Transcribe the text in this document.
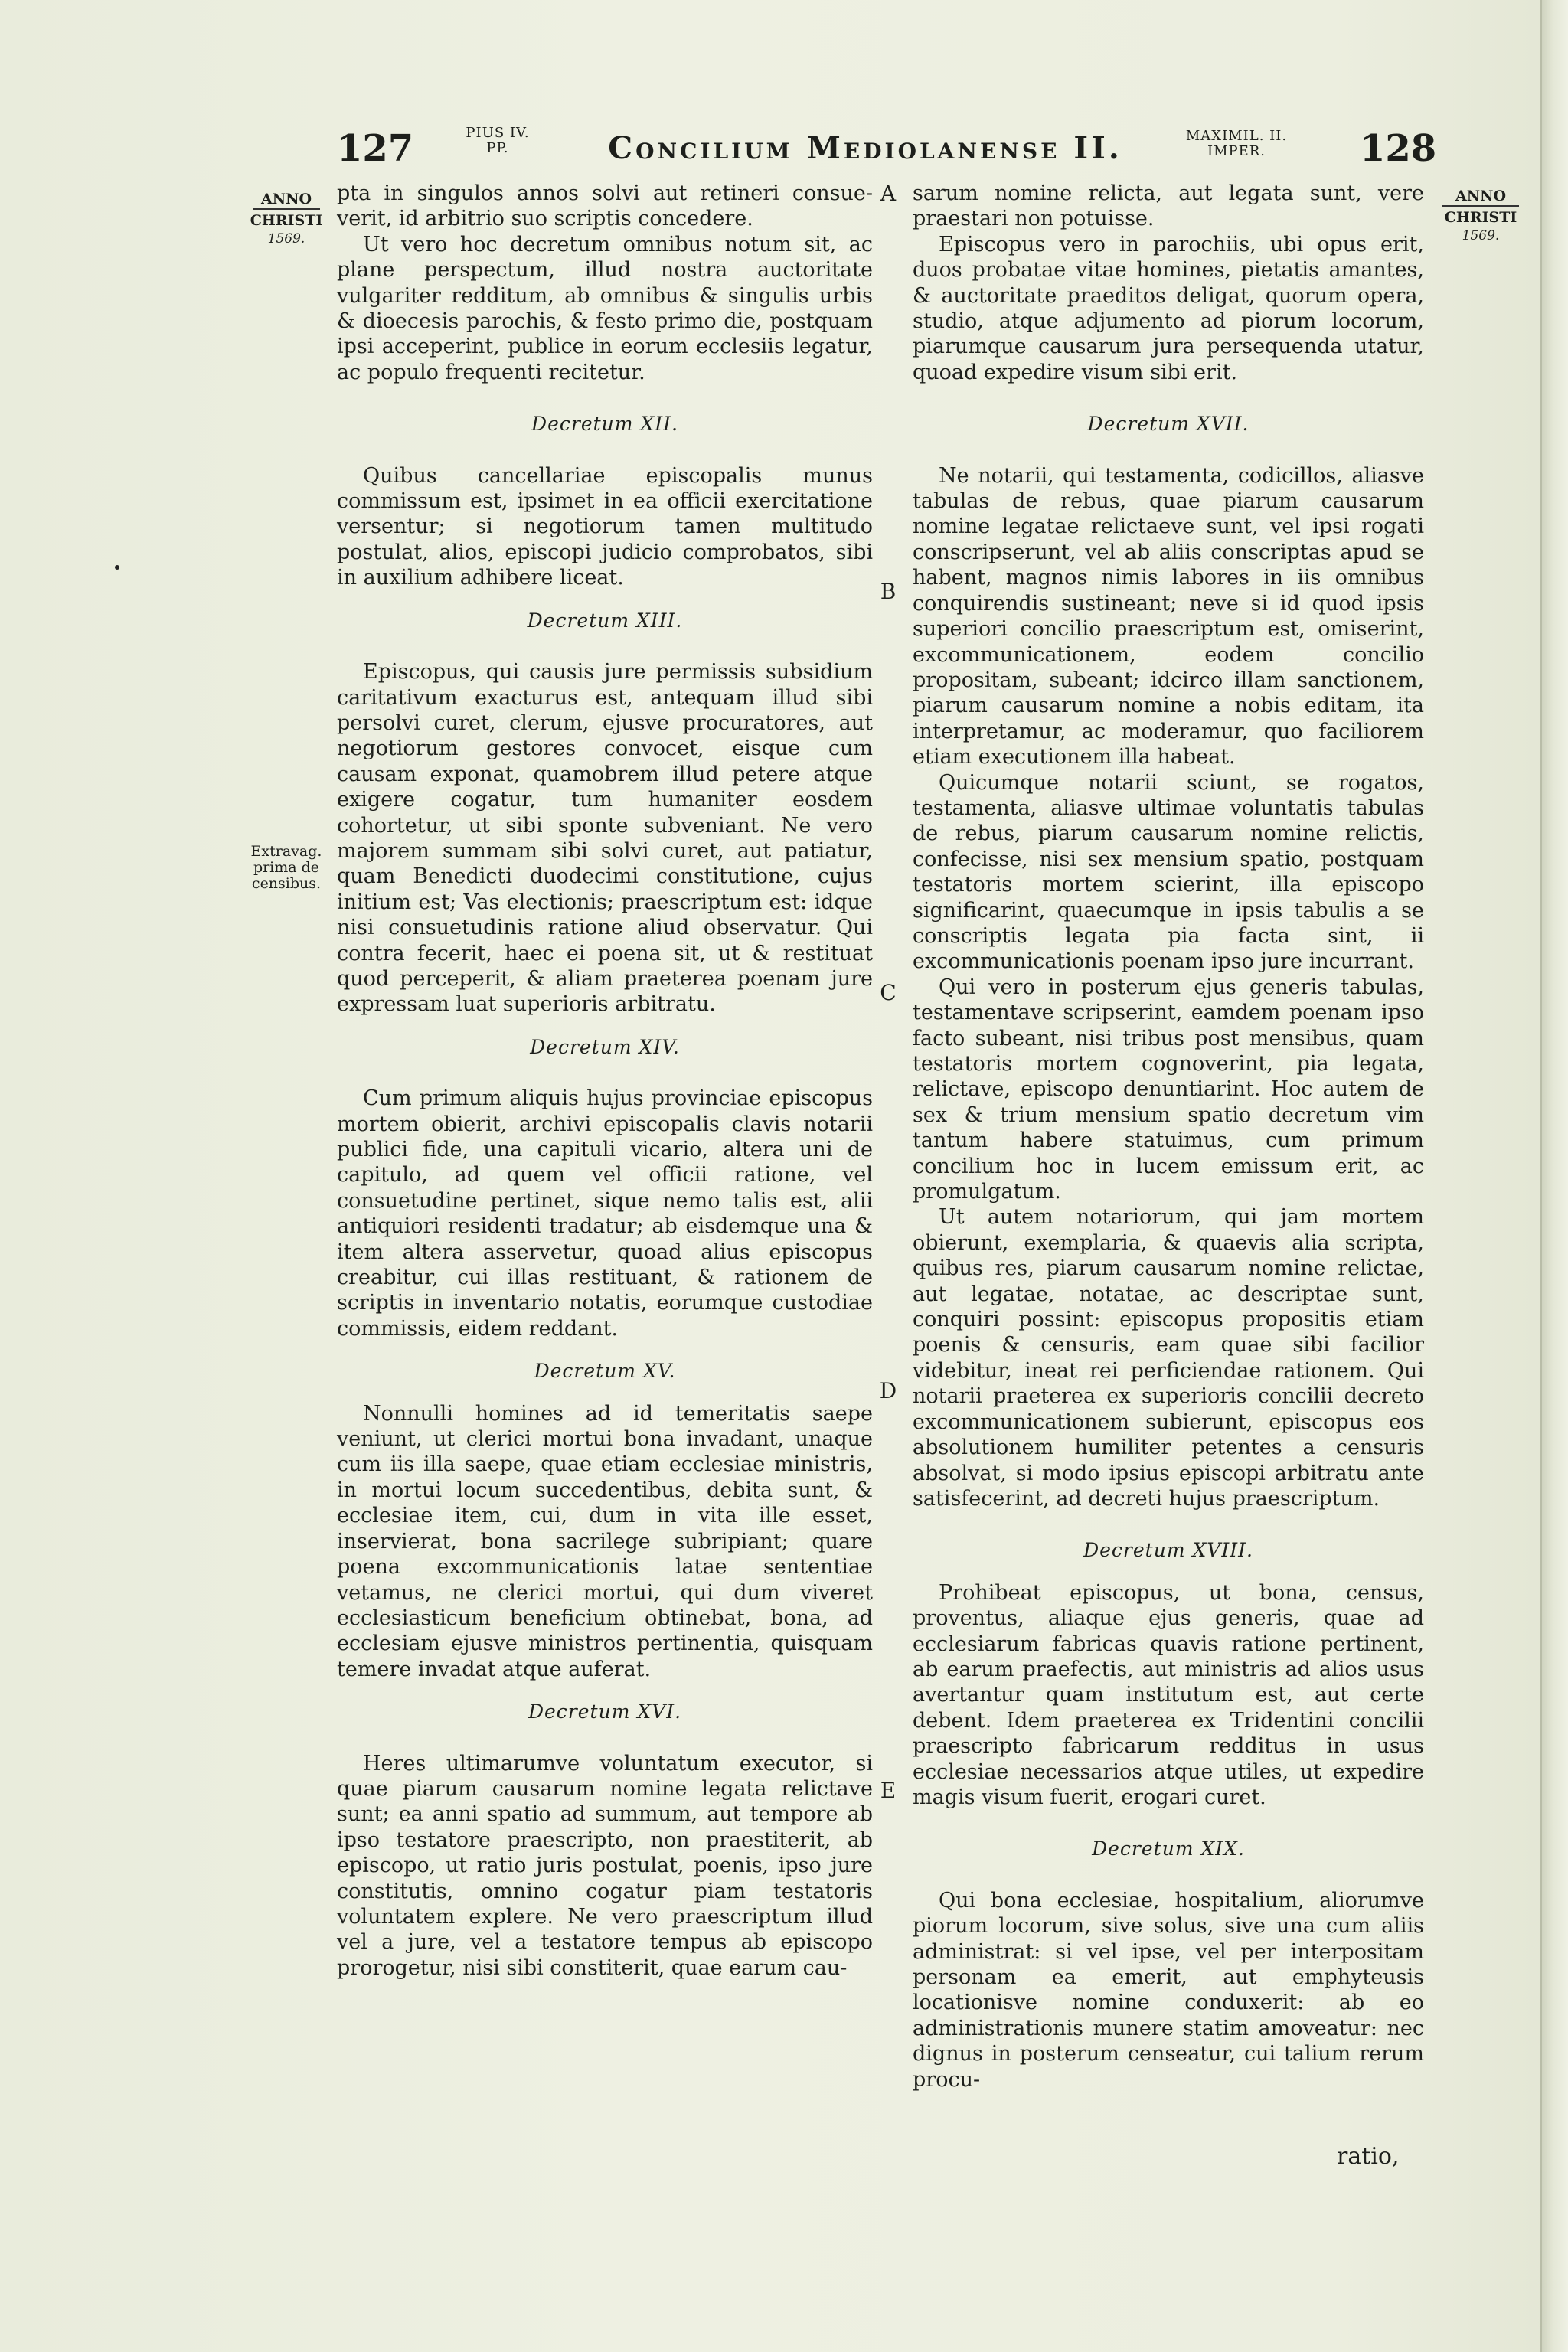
127	PIUS IV.
PP.	Concilium Mediolanense II.	MAXIMIL. II.
IMPER.	128
ANNO
CHRISTI
1569.
ANNO
CHRISTI
1569.
Extravag.
prima de
censibus.
A
B
C
D
E

pta in singulos annos solvi aut retineri consue- verit, id arbitrio suo scriptis concedere.

Ut vero hoc decretum omnibus notum sit, ac plane perspectum, illud nostra auctoritate vulgariter redditum, ab omnibus & singulis urbis & dioecesis parochis, & festo primo die, postquam ipsi acceperint, publice in eorum ecclesiis legatur, ac populo frequenti recitetur.

Decretum XII.

Quibus cancellariae episcopalis munus commissum est, ipsimet in ea officii exercitatione versentur; si negotiorum tamen multitudo postulat, alios, episcopi judicio comprobatos, sibi in auxilium adhibere liceat.

Decretum XIII.

Episcopus, qui causis jure permissis subsidium caritativum exacturus est, antequam illud sibi persolvi curet, clerum, ejusve procuratores, aut negotiorum gestores convocet, eisque cum causam exponat, quamobrem illud petere atque exigere cogatur, tum humaniter eosdem cohortetur, ut sibi sponte subveniant. Ne vero majorem summam sibi solvi curet, aut patiatur, quam Benedicti duodecimi constitutione, cujus initium est; Vas electionis; praescriptum est: idque nisi consuetudinis ratione aliud observatur. Qui contra fecerit, haec ei poena sit, ut & restituat quod perceperit, & aliam praeterea poenam jure expressam luat superioris arbitratu.

Decretum XIV.

Cum primum aliquis hujus provinciae episcopus mortem obierit, archivi episcopalis clavis notarii publici fide, una capituli vicario, altera uni de capitulo, ad quem vel officii ratione, vel consuetudine pertinet, sique nemo talis est, alii antiquiori residenti tradatur; ab eisdemque una & item altera asservetur, quoad alius episcopus creabitur, cui illas restituant, & rationem de scriptis in inventario notatis, eorumque custodiae commissis, eidem reddant.

Decretum XV.

Nonnulli homines ad id temeritatis saepe veniunt, ut clerici mortui bona invadant, unaque cum iis illa saepe, quae etiam ecclesiae ministris, in mortui locum succedentibus, debita sunt, & ecclesiae item, cui, dum in vita ille esset, inservierat, bona sacrilege subripiant; quare poena excommunicationis latae sententiae vetamus, ne clerici mortui, qui dum viveret ecclesiasticum beneficium obtinebat, bona, ad ecclesiam ejusve ministros pertinentia, quisquam temere invadat atque auferat.

Decretum XVI.

Heres ultimarumve voluntatum executor, si quae piarum causarum nomine legata relictave sunt; ea anni spatio ad summum, aut tempore ab ipso testatore praescripto, non praestiterit, ab episcopo, ut ratio juris postulat, poenis, ipso jure constitutis, omnino cogatur piam testatoris voluntatem explere. Ne vero praescriptum illud vel a jure, vel a testatore tempus ab episcopo prorogetur, nisi sibi constiterit, quae earum cau-

sarum nomine relicta, aut legata sunt, vere praestari non potuisse.

Episcopus vero in parochiis, ubi opus erit, duos probatae vitae homines, pietatis amantes, & auctoritate praeditos deligat, quorum opera, studio, atque adjumento ad piorum locorum, piarumque causarum jura persequenda utatur, quoad expedire visum sibi erit.

Decretum XVII.

Ne notarii, qui testamenta, codicillos, aliasve tabulas de rebus, quae piarum causarum nomine legatae relictaeve sunt, vel ipsi rogati conscripserunt, vel ab aliis conscriptas apud se habent, magnos nimis labores in iis omnibus conquirendis sustineant; neve si id quod ipsis superiori concilio praescriptum est, omiserint, excommunicationem, eodem concilio propositam, subeant; idcirco illam sanctionem, piarum causarum nomine a nobis editam, ita interpretamur, ac moderamur, quo faciliorem etiam executionem illa habeat.

Quicumque notarii sciunt, se rogatos, testamenta, aliasve ultimae voluntatis tabulas de rebus, piarum causarum nomine relictis, confecisse, nisi sex mensium spatio, postquam testatoris mortem scierint, illa episcopo significarint, quaecumque in ipsis tabulis a se conscriptis legata pia facta sint, ii excommunicationis poenam ipso jure incurrant.

Qui vero in posterum ejus generis tabulas, testamentave scripserint, eamdem poenam ipso facto subeant, nisi tribus post mensibus, quam testatoris mortem cognoverint, pia legata, relictave, episcopo denuntiarint. Hoc autem de sex & trium mensium spatio decretum vim tantum habere statuimus, cum primum concilium hoc in lucem emissum erit, ac promulgatum.

Ut autem notariorum, qui jam mortem obierunt, exemplaria, & quaevis alia scripta, quibus res, piarum causarum nomine relictae, aut legatae, notatae, ac descriptae sunt, conquiri possint: episcopus propositis etiam poenis & censuris, eam quae sibi facilior videbitur, ineat rei perficiendae rationem. Qui notarii praeterea ex superioris concilii decreto excommunicationem subierunt, episcopus eos absolutionem humiliter petentes a censuris absolvat, si modo ipsius episcopi arbitratu ante satisfecerint, ad decreti hujus praescriptum.

Decretum XVIII.

Prohibeat episcopus, ut bona, census, proventus, aliaque ejus generis, quae ad ecclesiarum fabricas quavis ratione pertinent, ab earum praefectis, aut ministris ad alios usus avertantur quam institutum est, aut certe debent. Idem praeterea ex Tridentini concilii praescripto fabricarum redditus in usus ecclesiae necessarios atque utiles, ut expedire magis visum fuerit, erogari curet.

Decretum XIX.

Qui bona ecclesiae, hospitalium, aliorumve piorum locorum, sive solus, sive una cum aliis administrat: si vel ipse, vel per interpositam personam ea emerit, aut emphyteusis locationisve nomine conduxerit: ab eo administrationis munere statim amoveatur: nec dignus in posterum censeatur, cui talium rerum procu-

ratio,
